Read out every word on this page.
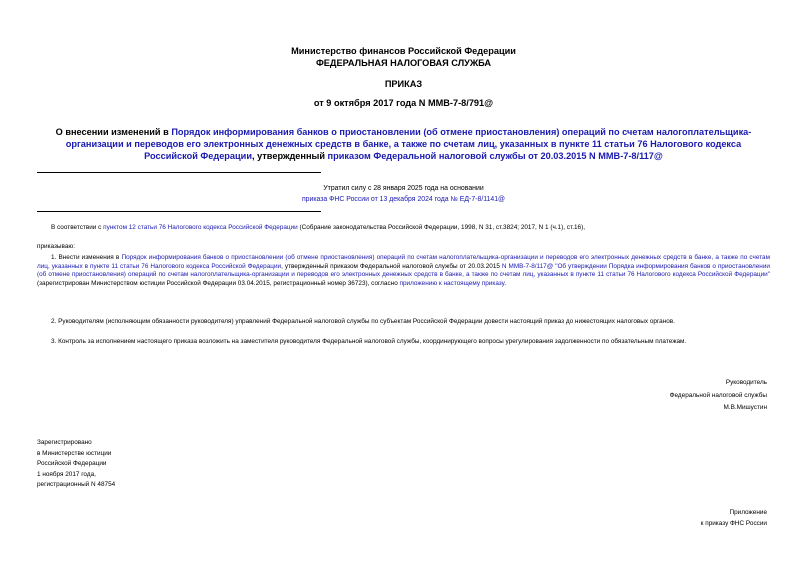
Министерство финансов Российской Федерации
ФЕДЕРАЛЬНАЯ НАЛОГОВАЯ СЛУЖБА
ПРИКАЗ
от 9 октября 2017 года N ММВ-7-8/791@
О внесении изменений в Порядок информирования банков о приостановлении (об отмене приостановления) операций по счетам налогоплательщика-организации и переводов его электронных денежных средств в банке, а также по счетам лиц, указанных в пункте 11 статьи 76 Налогового кодекса Российской Федерации, утвержденный приказом Федеральной налоговой службы от 20.03.2015 N ММВ-7-8/117@
Утратил силу с 28 января 2025 года на основании
приказа ФНС России от 13 декабря 2024 года № ЕД-7-8/1141@
В соответствии с пунктом 12 статьи 76 Налогового кодекса Российской Федерации (Собрание законодательства Российской Федерации, 1998, N 31, ст.3824; 2017, N 1 (ч.1), ст.16),
приказываю:
1. Внести изменения в Порядок информирования банков о приостановлении (об отмене приостановления) операций по счетам налогоплательщика-организации и переводов его электронных денежных средств в банке, а также по счетам лиц, указанных в пункте 11 статьи 76 Налогового кодекса Российской Федерации, утвержденный приказом Федеральной налоговой службы от 20.03.2015 N ММВ-7-8/117@ "Об утверждении Порядка информирования банков о приостановлении (об отмене приостановления) операций по счетам налогоплательщика-организации и переводов его электронных денежных средств в банке, а также по счетам лиц, указанных в пункте 11 статьи 76 Налогового кодекса Российской Федерации" (зарегистрирован Министерством юстиции Российской Федерации 03.04.2015, регистрационный номер 36723), согласно приложению к настоящему приказу.
2. Руководителям (исполняющим обязанности руководителя) управлений Федеральной налоговой службы по субъектам Российской Федерации довести настоящий приказ до нижестоящих налоговых органов.
3. Контроль за исполнением настоящего приказа возложить на заместителя руководителя Федеральной налоговой службы, координирующего вопросы урегулирования задолженности по обязательным платежам.
Руководитель
Федеральной налоговой службы
М.В.Мишустин
Зарегистрировано
в Министерстве юстиции
Российской Федерации
1 ноября 2017 года,
регистрационный N 48754
Приложение
к приказу ФНС России
